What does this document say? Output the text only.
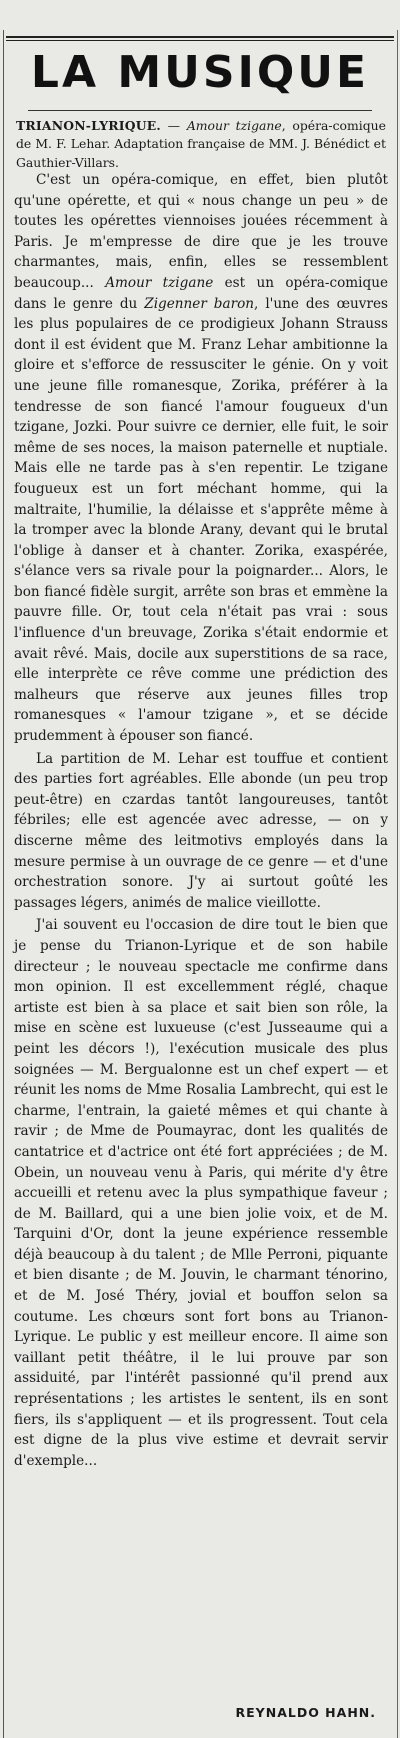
LA MUSIQUE
TRIANON-LYRIQUE. — Amour tzigane, opéra-comique de M. F. Lehar. Adaptation française de MM. J. Bénédict et Gauthier-Villars.

C'est un opéra-comique, en effet, bien plutôt qu'une opérette, et qui « nous change un peu » de toutes les opérettes viennoises jouées récemment à Paris. Je m'empresse de dire que je les trouve charmantes, mais, enfin, elles se ressemblent beaucoup... Amour tzigane est un opéra-comique dans le genre du Zigenner baron, l'une des œuvres les plus populaires de ce prodigieux Johann Strauss dont il est évident que M. Franz Lehar ambitionne la gloire et s'efforce de ressusciter le génie. On y voit une jeune fille romanesque, Zorika, préférer à la tendresse de son fiancé l'amour fougueux d'un tzigane, Jozki. Pour suivre ce dernier, elle fuit, le soir même de ses noces, la maison paternelle et nuptiale. Mais elle ne tarde pas à s'en repentir. Le tzigane fougueux est un fort méchant homme, qui la maltraite, l'humilie, la délaisse et s'apprête même à la tromper avec la blonde Arany, devant qui le brutal l'oblige à danser et à chanter. Zorika, exaspérée, s'élance vers sa rivale pour la poignarder... Alors, le bon fiancé fidèle surgit, arrête son bras et emmène la pauvre fille. Or, tout cela n'était pas vrai : sous l'influence d'un breuvage, Zorika s'était endormie et avait rêvé. Mais, docile aux superstitions de sa race, elle interprète ce rêve comme une prédiction des malheurs que réserve aux jeunes filles trop romanesques « l'amour tzigane », et se décide prudemment à épouser son fiancé.

La partition de M. Lehar est touffue et contient des parties fort agréables. Elle abonde (un peu trop peut-être) en czardas tantôt langoureuses, tantôt fébriles; elle est agencée avec adresse, — on y discerne même des leitmotivs employés dans la mesure permise à un ouvrage de ce genre — et d'une orchestration sonore. J'y ai surtout goûté les passages légers, animés de malice vieillotte.

J'ai souvent eu l'occasion de dire tout le bien que je pense du Trianon-Lyrique et de son habile directeur ; le nouveau spectacle me confirme dans mon opinion. Il est excellemment réglé, chaque artiste est bien à sa place et sait bien son rôle, la mise en scène est luxueuse (c'est Jusseaume qui a peint les décors !), l'exécution musicale des plus soignées — M. Bergualonne est un chef expert — et réunit les noms de Mme Rosalia Lambrecht, qui est le charme, l'entrain, la gaieté mêmes et qui chante à ravir ; de Mme de Poumayrac, dont les qualités de cantatrice et d'actrice ont été fort appréciées ; de M. Obein, un nouveau venu à Paris, qui mérite d'y être accueilli et retenu avec la plus sympathique faveur ; de M. Baillard, qui a une bien jolie voix, et de M. Tarquini d'Or, dont la jeune expérience ressemble déjà beaucoup à du talent ; de Mlle Perroni, piquante et bien disante ; de M. Jouvin, le charmant ténorino, et de M. José Théry, jovial et bouffon selon sa coutume. Les chœurs sont fort bons au Trianon-Lyrique. Le public y est meilleur encore. Il aime son vaillant petit théâtre, il le lui prouve par son assiduité, par l'intérêt passionné qu'il prend aux représentations ; les artistes le sentent, ils en sont fiers, ils s'appliquent — et ils progressent. Tout cela est digne de la plus vive estime et devrait servir d'exemple...

REYNALDO HAHN.
